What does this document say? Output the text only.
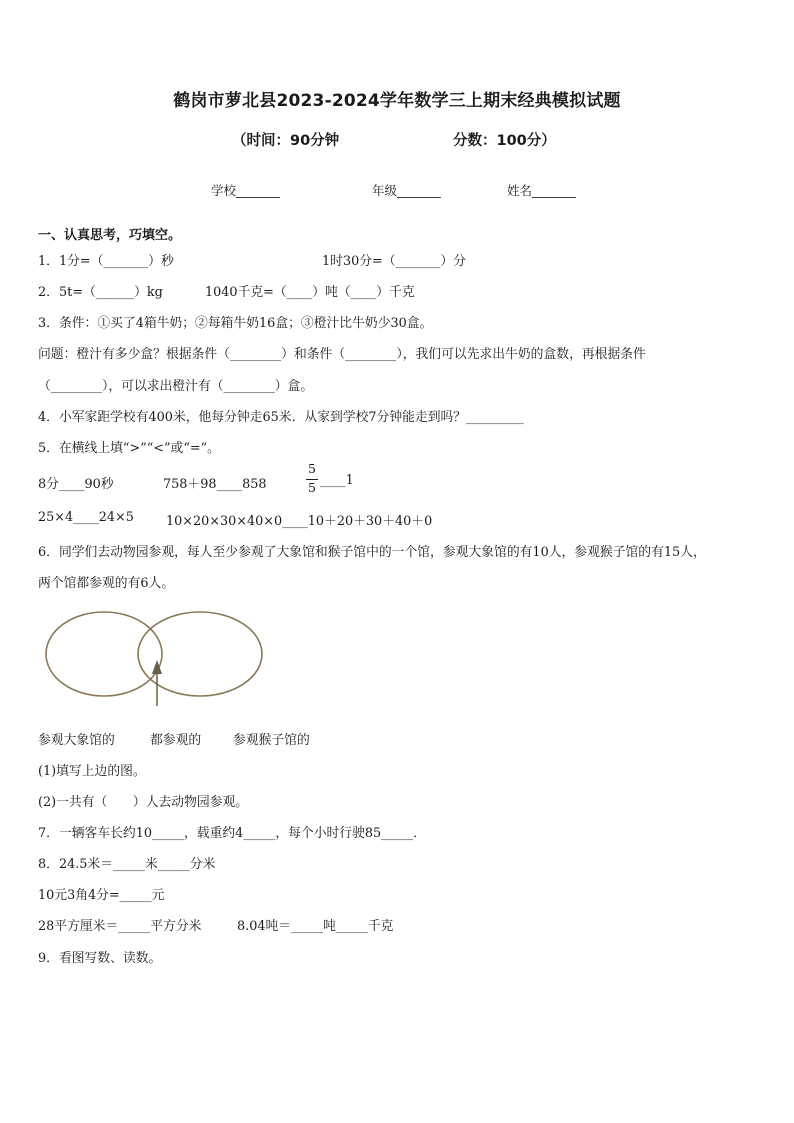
鹤岗市萝北县2023-2024学年数学三上期末经典模拟试题
（时间：90分钟	分数：100分）
学校_______	年级_______	姓名_______
一、认真思考，巧填空。
1．1分=（_______）秒	1时30分=（_______）分
2．5t=（______）kg	1040千克=（____）吨（____）千克
3．条件：①买了4箱牛奶；②每箱牛奶16盒；③橙汁比牛奶少30盒。
问题：橙汁有多少盒？根据条件（________）和条件（________），我们可以先求出牛奶的盒数，再根据条件
（________），可以求出橙汁有（________）盒。
4．小军家距学校有400米，他每分钟走65米．从家到学校7分钟能走到吗？_________
5．在横线上填“>”“<”或“=”。
8分____90秒	758＋98____858
5
5 ____1
25×4____24×5	10×20×30×40×0____10＋20＋30＋40＋0
6．同学们去动物园参观，每人至少参观了大象馆和猴子馆中的一个馆，参观大象馆的有10人，参观猴子馆的有15人，
两个馆都参观的有6人。
参观大象馆的	都参观的 参观猴子馆的
(1)填写上边的图。
(2)一共有（　　）人去动物园参观。
7．一辆客车长约10_____，载重约4_____，每个小时行驶85_____．
8．24.5米＝_____米_____分米
10元3角4分=_____元
28平方厘米＝_____平方分米	8.04吨＝_____吨_____千克
9．看图写数、读数。
